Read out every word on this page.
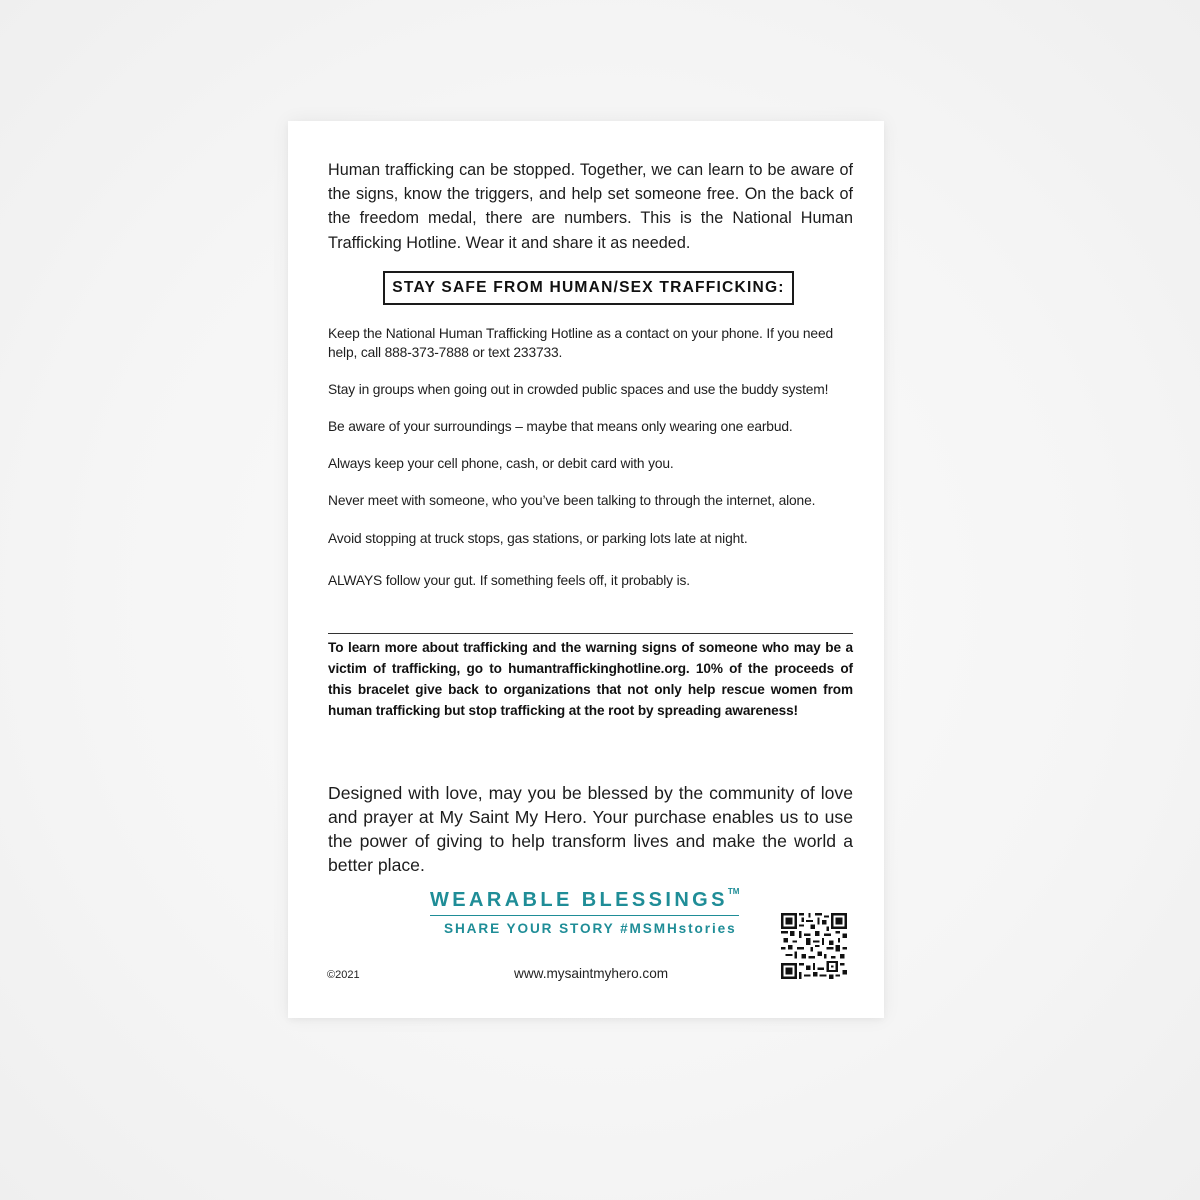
Human trafficking can be stopped. Together, we can learn to be aware of the signs, know the triggers, and help set someone free. On the back of the freedom medal, there are numbers. This is the National Human Trafficking Hotline. Wear it and share it as needed.
STAY SAFE FROM HUMAN/SEX TRAFFICKING:
Keep the National Human Trafficking Hotline as a contact on your phone. If you need help, call 888-373-7888 or text 233733.
Stay in groups when going out in crowded public spaces and use the buddy system!
Be aware of your surroundings – maybe that means only wearing one earbud.
Always keep your cell phone, cash, or debit card with you.
Never meet with someone, who you’ve been talking to through the internet, alone.
Avoid stopping at truck stops, gas stations, or parking lots late at night.
ALWAYS follow your gut. If something feels off, it probably is.
To learn more about trafficking and the warning signs of someone who may be a victim of trafficking, go to humantraffickinghotline.org. 10% of the proceeds of this bracelet give back to organizations that not only help rescue women from human trafficking but stop trafficking at the root by spreading awareness!
Designed with love, may you be blessed by the community of love and prayer at My Saint My Hero. Your purchase enables us to use the power of giving to help transform lives and make the world a better place.
WEARABLE BLESSINGS™
SHARE YOUR STORY #MSMHstories
©2021	www.mysaintmyhero.com
